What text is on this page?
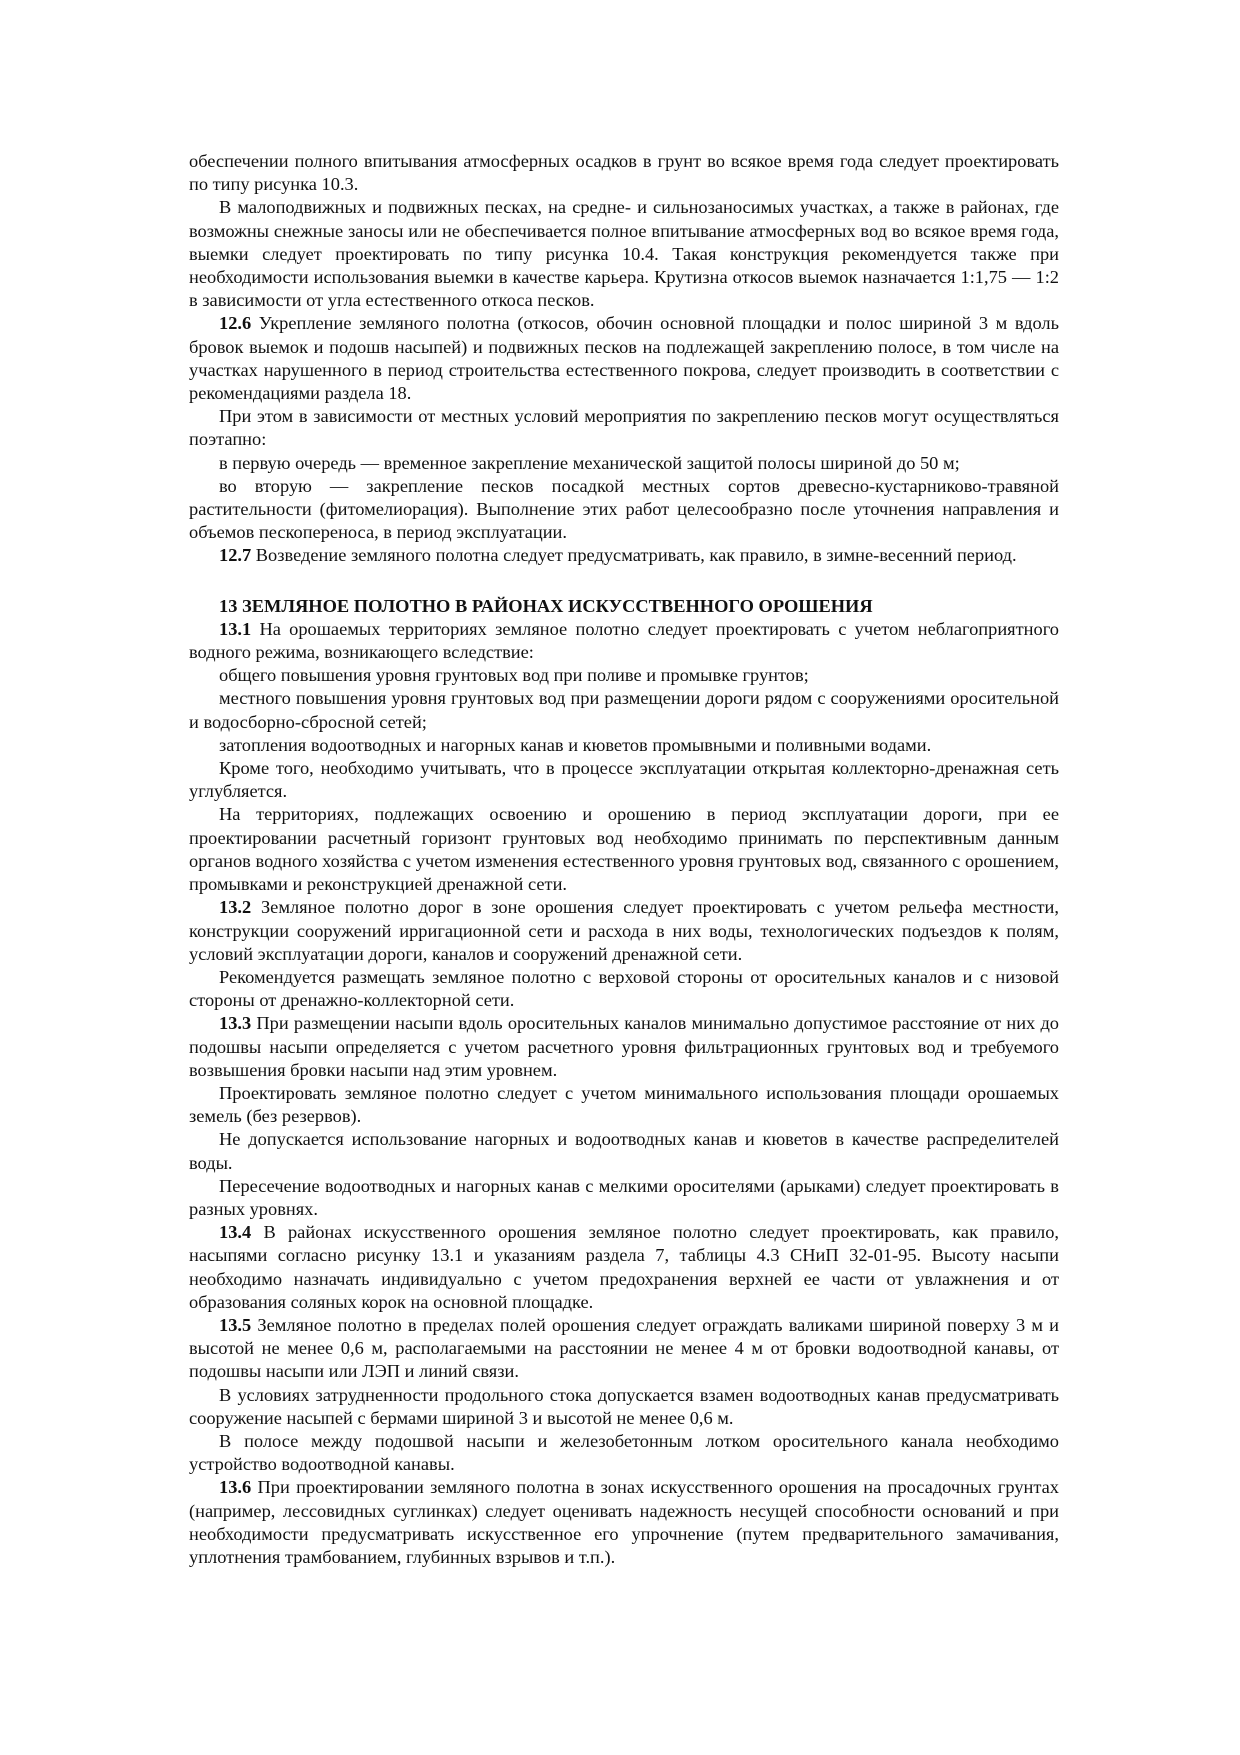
обеспечении полного впитывания атмосферных осадков в грунт во всякое время года следует проектировать по типу рисунка 10.3.

В малоподвижных и подвижных песках, на средне- и сильнозаносимых участках, а также в районах, где возможны снежные заносы или не обеспечивается полное впитывание атмосферных вод во всякое время года, выемки следует проектировать по типу рисунка 10.4. Такая конструкция рекомендуется также при необходимости использования выемки в качестве карьера. Крутизна откосов выемок назначается 1:1,75 — 1:2 в зависимости от угла естественного откоса песков.

12.6 Укрепление земляного полотна (откосов, обочин основной площадки и полос шириной 3 м вдоль бровок выемок и подошв насыпей) и подвижных песков на подлежащей закреплению полосе, в том числе на участках нарушенного в период строительства естественного покрова, следует производить в соответствии с рекомендациями раздела 18.

При этом в зависимости от местных условий мероприятия по закреплению песков могут осуществляться поэтапно:

в первую очередь — временное закрепление механической защитой полосы шириной до 50 м;

во вторую — закрепление песков посадкой местных сортов древесно-кустарниково-травяной растительности (фитомелиорация). Выполнение этих работ целесообразно после уточнения направления и объемов пескопереноса, в период эксплуатации.

12.7 Возведение земляного полотна следует предусматривать, как правило, в зимне-весенний период.

13 ЗЕМЛЯНОЕ ПОЛОТНО В РАЙОНАХ ИСКУССТВЕННОГО ОРОШЕНИЯ

13.1 На орошаемых территориях земляное полотно следует проектировать с учетом неблагоприятного водного режима, возникающего вследствие:

общего повышения уровня грунтовых вод при поливе и промывке грунтов;

местного повышения уровня грунтовых вод при размещении дороги рядом с сооружениями оросительной и водосборно-сбросной сетей;

затопления водоотводных и нагорных канав и кюветов промывными и поливными водами.

Кроме того, необходимо учитывать, что в процессе эксплуатации открытая коллекторно-дренажная сеть углубляется.

На территориях, подлежащих освоению и орошению в период эксплуатации дороги, при ее проектировании расчетный горизонт грунтовых вод необходимо принимать по перспективным данным органов водного хозяйства с учетом изменения естественного уровня грунтовых вод, связанного с орошением, промывками и реконструкцией дренажной сети.

13.2 Земляное полотно дорог в зоне орошения следует проектировать с учетом рельефа местности, конструкции сооружений ирригационной сети и расхода в них воды, технологических подъездов к полям, условий эксплуатации дороги, каналов и сооружений дренажной сети.

Рекомендуется размещать земляное полотно с верховой стороны от оросительных каналов и с низовой стороны от дренажно-коллекторной сети.

13.3 При размещении насыпи вдоль оросительных каналов минимально допустимое расстояние от них до подошвы насыпи определяется с учетом расчетного уровня фильтрационных грунтовых вод и требуемого возвышения бровки насыпи над этим уровнем.

Проектировать земляное полотно следует с учетом минимального использования площади орошаемых земель (без резервов).

Не допускается использование нагорных и водоотводных канав и кюветов в качестве распределителей воды.

Пересечение водоотводных и нагорных канав с мелкими оросителями (арыками) следует проектировать в разных уровнях.

13.4 В районах искусственного орошения земляное полотно следует проектировать, как правило, насыпями согласно рисунку 13.1 и указаниям раздела 7, таблицы 4.3 СНиП 32-01-95. Высоту насыпи необходимо назначать индивидуально с учетом предохранения верхней ее части от увлажнения и от образования соляных корок на основной площадке.

13.5 Земляное полотно в пределах полей орошения следует ограждать валиками шириной поверху 3 м и высотой не менее 0,6 м, располагаемыми на расстоянии не менее 4 м от бровки водоотводной канавы, от подошвы насыпи или ЛЭП и линий связи.

В условиях затрудненности продольного стока допускается взамен водоотводных канав предусматривать сооружение насыпей с бермами шириной 3 и высотой не менее 0,6 м.

В полосе между подошвой насыпи и железобетонным лотком оросительного канала необходимо устройство водоотводной канавы.

13.6 При проектировании земляного полотна в зонах искусственного орошения на просадочных грунтах (например, лессовидных суглинках) следует оценивать надежность несущей способности оснований и при необходимости предусматривать искусственное его упрочнение (путем предварительного замачивания, уплотнения трамбованием, глубинных взрывов и т.п.).
